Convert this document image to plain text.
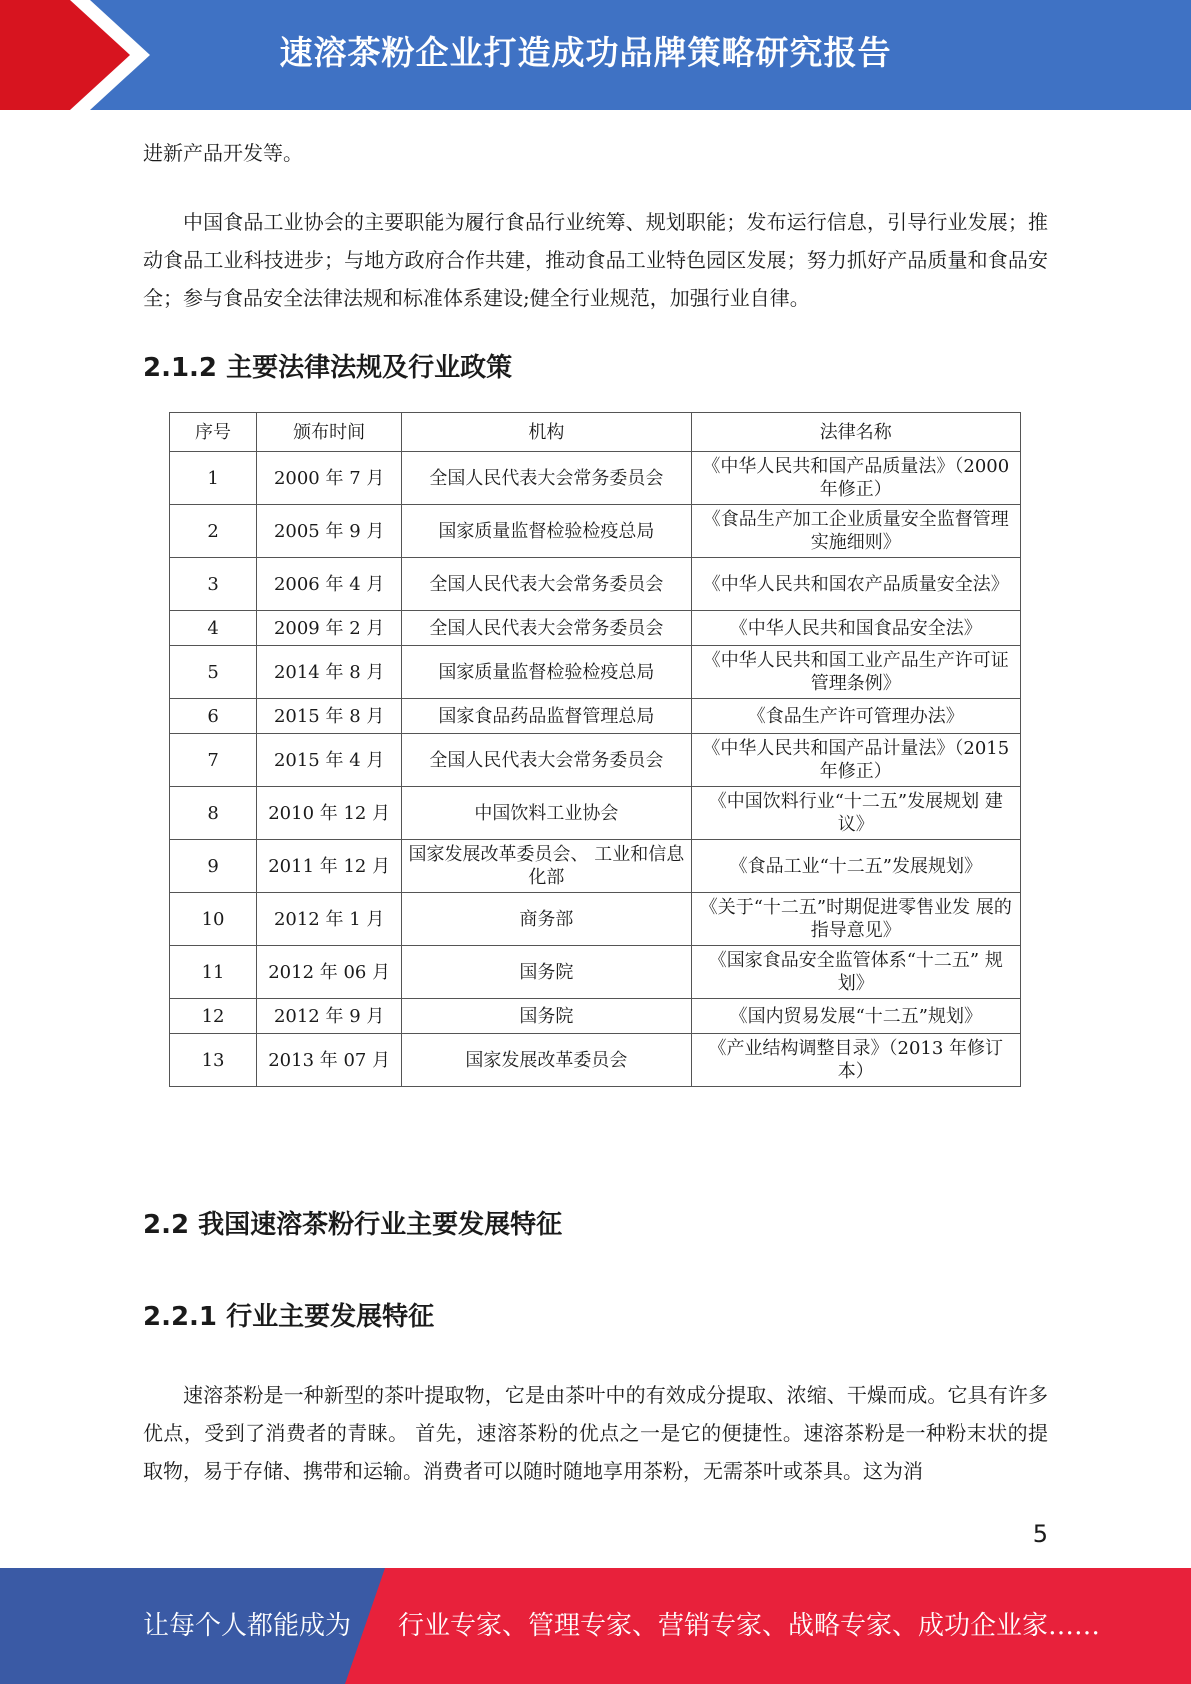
速溶茶粉企业打造成功品牌策略研究报告

进新产品开发等。

中国食品工业协会的主要职能为履行食品行业统筹、规划职能；发布运行信息，引导行业发展；推动食品工业科技进步；与地方政府合作共建，推动食品工业特色园区发展；努力抓好产品质量和食品安全；参与食品安全法律法规和标准体系建设;健全行业规范，加强行业自律。

2.1.2 主要法律法规及行业政策

序号	颁布时间	机构	法律名称
1	2000 年 7 月	全国人民代表大会常务委员会	《中华人民共和国产品质量法》（2000 年修正）
2	2005 年 9 月	国家质量监督检验检疫总局	《食品生产加工企业质量安全监督管理实施细则》
3	2006 年 4 月	全国人民代表大会常务委员会	《中华人民共和国农产品质量安全法》
4	2009 年 2 月	全国人民代表大会常务委员会	《中华人民共和国食品安全法》
5	2014 年 8 月	国家质量监督检验检疫总局	《中华人民共和国工业产品生产许可证管理条例》
6	2015 年 8 月	国家食品药品监督管理总局	《食品生产许可管理办法》
7	2015 年 4 月	全国人民代表大会常务委员会	《中华人民共和国产品计量法》（2015 年修正）
8	2010 年 12 月	中国饮料工业协会	《中国饮料行业“十二五”发展规划 建议》
9	2011 年 12 月	国家发展改革委员会、 工业和信息化部	《食品工业“十二五”发展规划》
10	2012 年 1 月	商务部	《关于“十二五”时期促进零售业发 展的指导意见》
11	2012 年 06 月	国务院	《国家食品安全监管体系“十二五” 规划》
12	2012 年 9 月	国务院	《国内贸易发展“十二五”规划》
13	2013 年 07 月	国家发展改革委员会	《产业结构调整目录》（2013 年修订本）

2.2 我国速溶茶粉行业主要发展特征

2.2.1 行业主要发展特征

速溶茶粉是一种新型的茶叶提取物，它是由茶叶中的有效成分提取、浓缩、干燥而成。它具有许多优点，受到了消费者的青睐。 首先，速溶茶粉的优点之一是它的便捷性。速溶茶粉是一种粉末状的提取物，易于存储、携带和运输。消费者可以随时随地享用茶粉，无需茶叶或茶具。这为消

5
让每个人都能成为 行业专家、管理专家、营销专家、战略专家、成功企业家……
